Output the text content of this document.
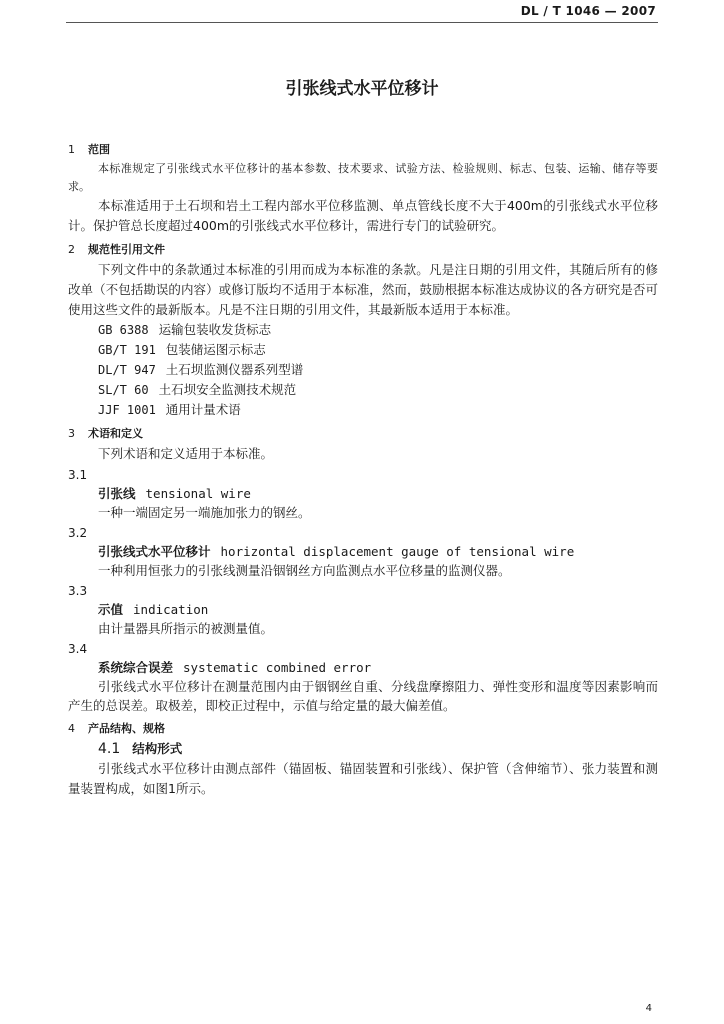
DL / T 1046 — 2007
引张线式水平位移计
1 范围

本标准规定了引张线式水平位移计的基本参数、技术要求、试验方法、检验规则、标志、包装、运输、储存等要求。

本标准适用于土石坝和岩土工程内部水平位移监测、单点管线长度不大于400m的引张线式水平位移计。保护管总长度超过400m的引张线式水平位移计，需进行专门的试验研究。

2 规范性引用文件

下列文件中的条款通过本标准的引用而成为本标准的条款。凡是注日期的引用文件，其随后所有的修改单（不包括勘误的内容）或修订版均不适用于本标准，然而，鼓励根据本标准达成协议的各方研究是否可使用这些文件的最新版本。凡是不注日期的引用文件，其最新版本适用于本标准。

GB 6388 运输包装收发货标志
GB/T 191 包装储运图示标志
DL/T 947 土石坝监测仪器系列型谱
SL/T 60 土石坝安全监测技术规范
JJF 1001 通用计量术语
3 术语和定义

下列术语和定义适用于本标准。

3.1
引张线 tensional wire

一种一端固定另一端施加张力的钢丝。

3.2
引张线式水平位移计 horizontal displacement gauge of tensional wire

一种利用恒张力的引张线测量沿铟钢丝方向监测点水平位移量的监测仪器。

3.3
示值 indication

由计量器具所指示的被测量值。

3.4
系统综合误差 systematic combined error

引张线式水平位移计在测量范围内由于铟钢丝自重、分线盘摩擦阻力、弹性变形和温度等因素影响而产生的总误差。取极差，即校正过程中，示值与给定量的最大偏差值。

4 产品结构、规格
4.1 结构形式

引张线式水平位移计由测点部件（锚固板、锚固装置和引张线）、保护管（含伸缩节）、张力装置和测量装置构成，如图1所示。

4
